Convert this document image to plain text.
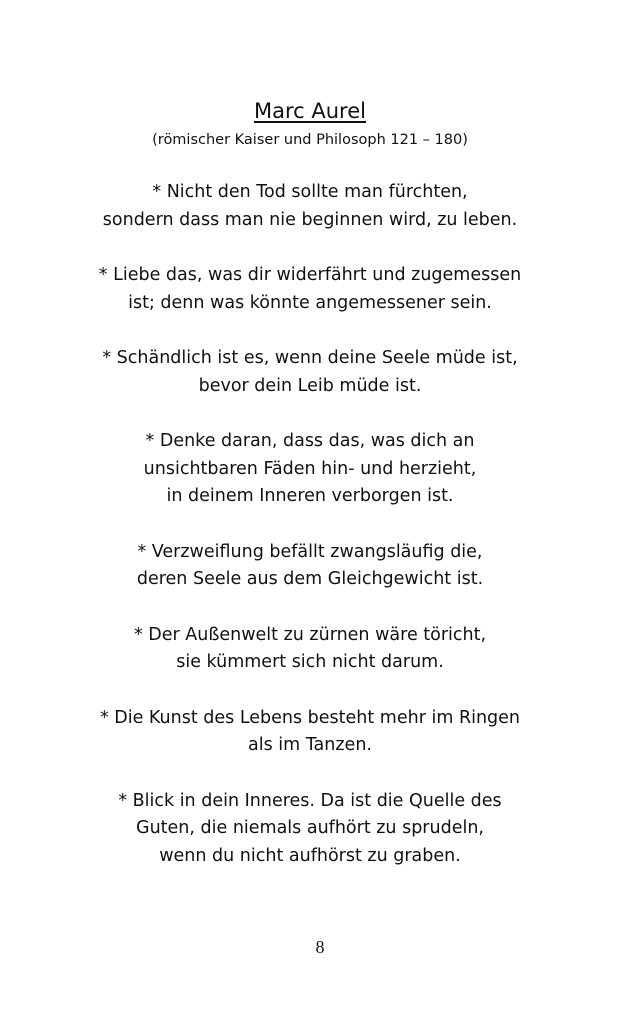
Marc Aurel
(römischer Kaiser und Philosoph 121 – 180)
* Nicht den Tod sollte man fürchten,
sondern dass man nie beginnen wird, zu leben.
* Liebe das, was dir widerfährt und zugemessen
ist; denn was könnte angemessener sein.
* Schändlich ist es, wenn deine Seele müde ist,
bevor dein Leib müde ist.
* Denke daran, dass das, was dich an
unsichtbaren Fäden hin- und herzieht,
in deinem Inneren verborgen ist.
* Verzweiflung befällt zwangsläufig die,
deren Seele aus dem Gleichgewicht ist.
* Der Außenwelt zu zürnen wäre töricht,
sie kümmert sich nicht darum.
* Die Kunst des Lebens besteht mehr im Ringen
als im Tanzen.
* Blick in dein Inneres. Da ist die Quelle des
Guten, die niemals aufhört zu sprudeln,
wenn du nicht aufhörst zu graben.
8
